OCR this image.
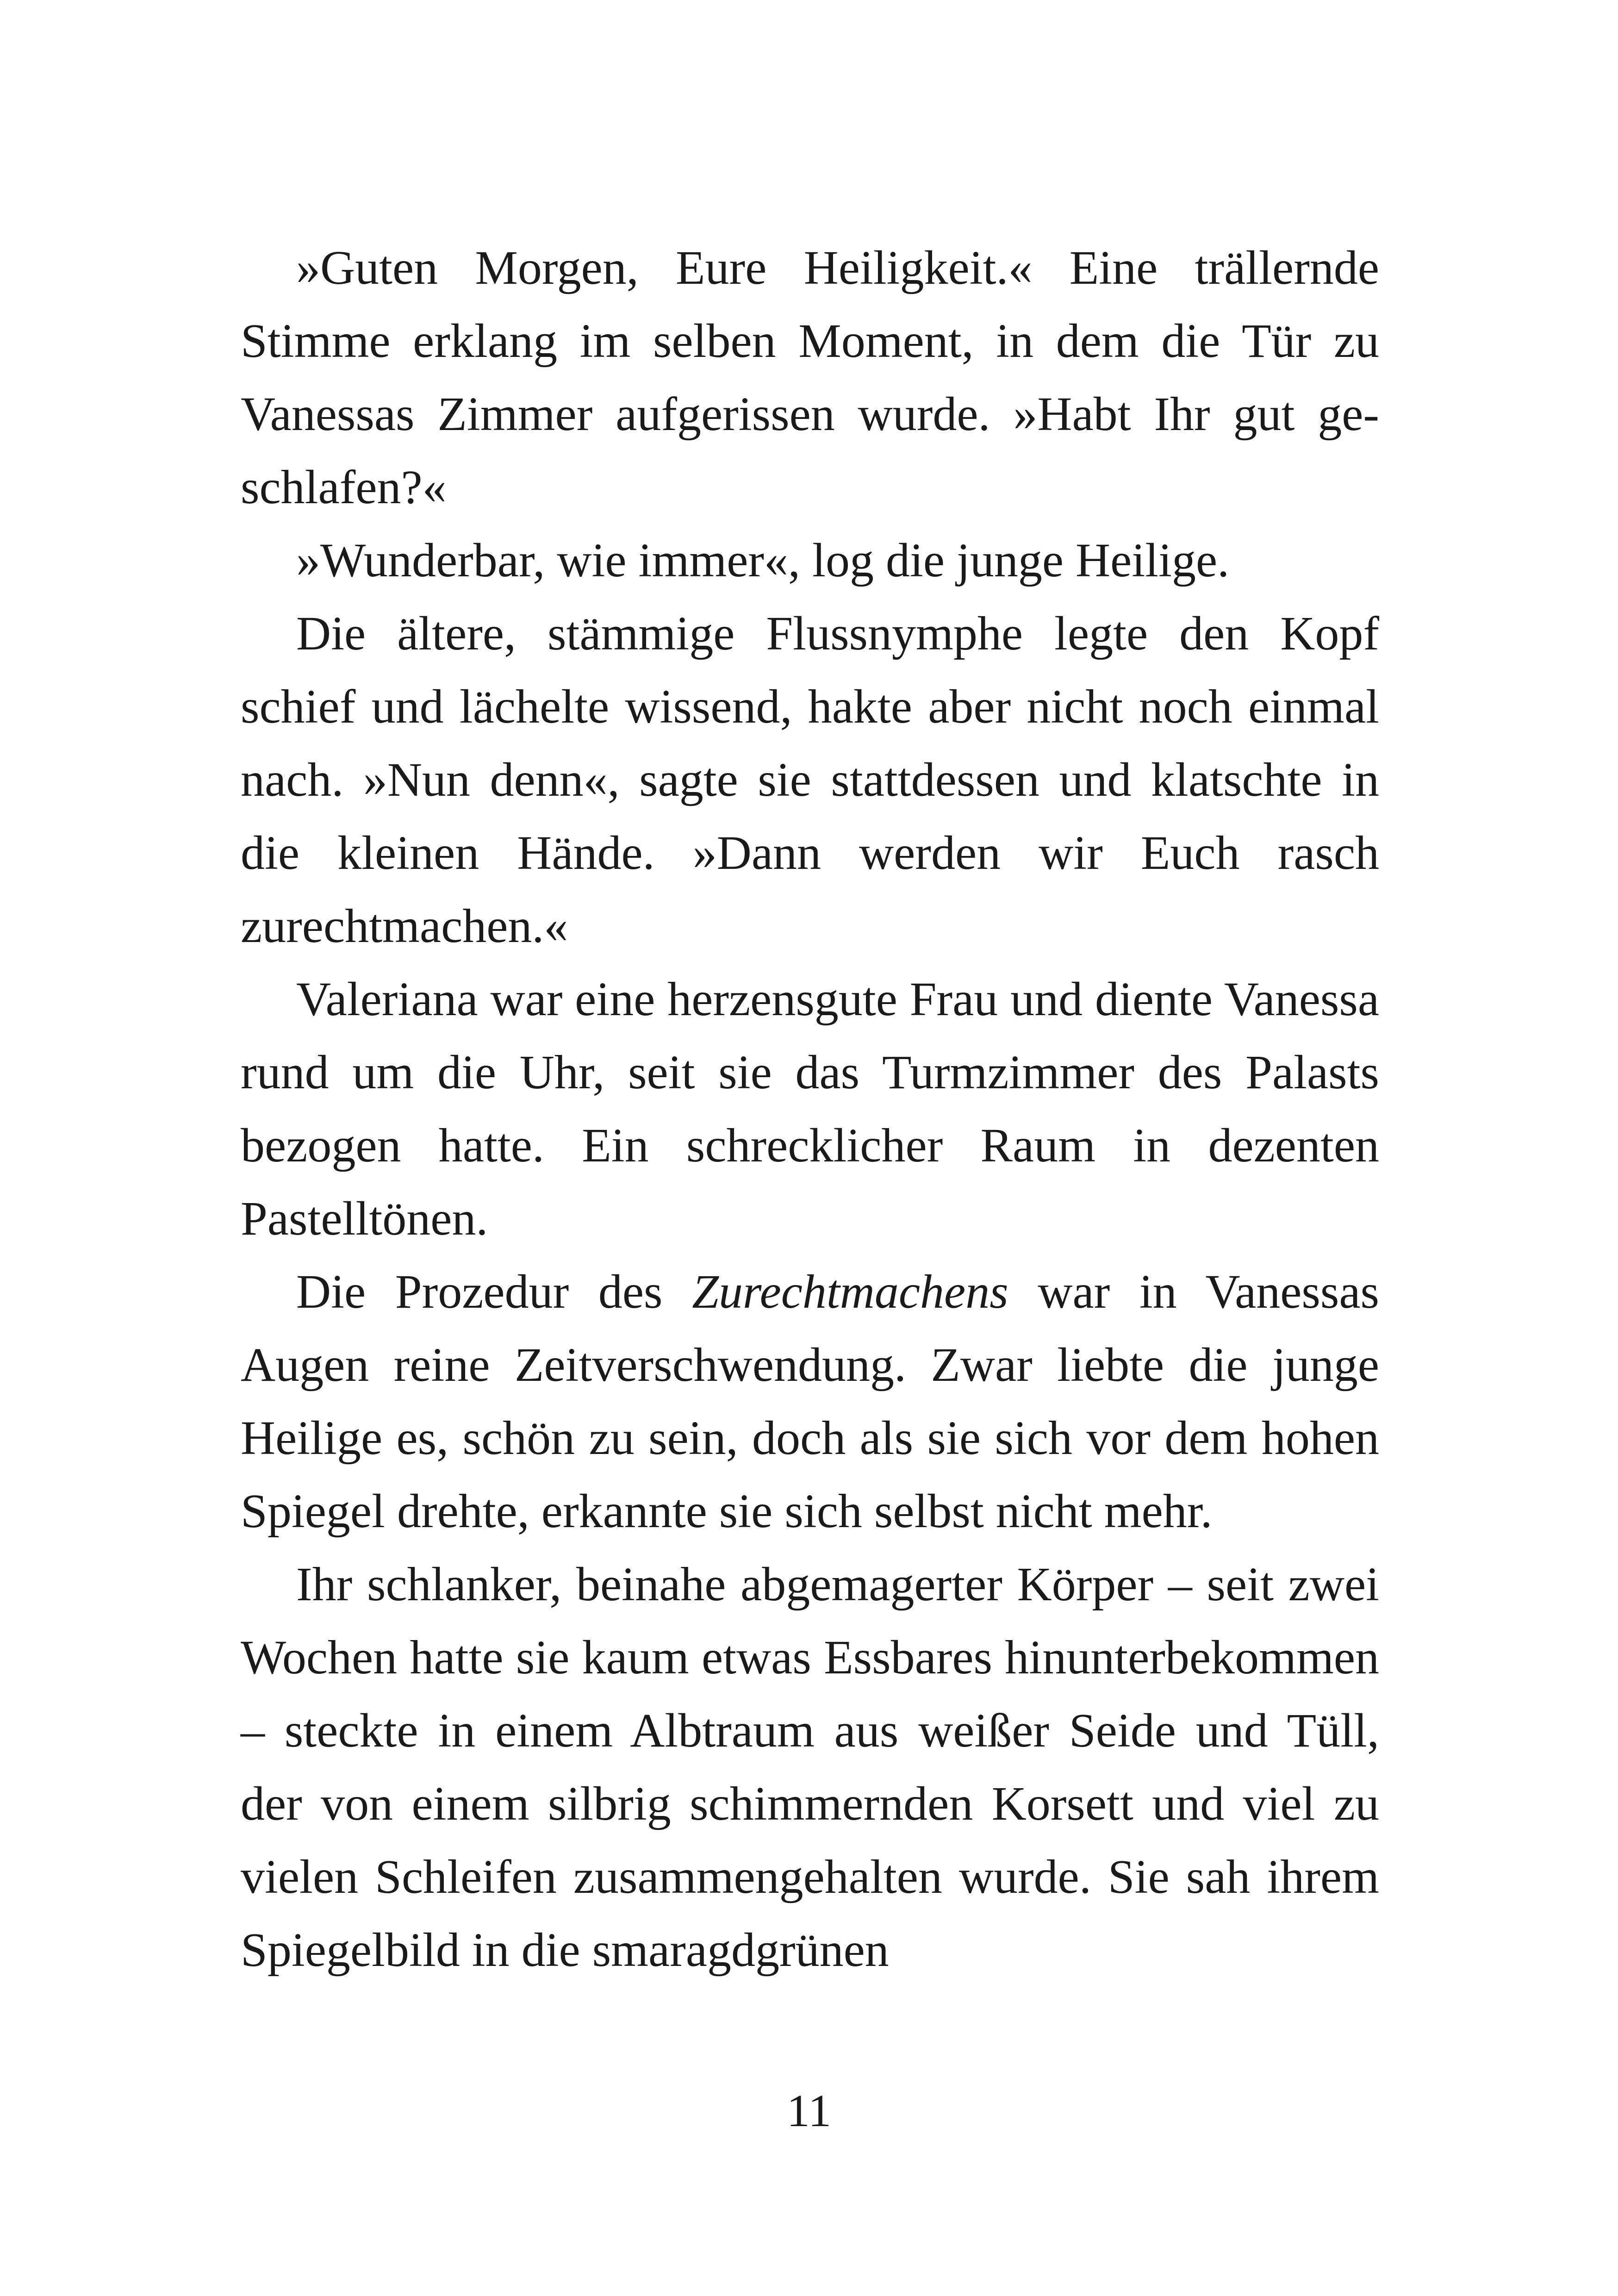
»Guten Morgen, Eure Heiligkeit.« Eine trällernde Stimme erklang im selben Moment, in dem die Tür zu Vanessas Zimmer aufgerissen wurde. »Habt Ihr gut geschlafen?«

»Wunderbar, wie immer«, log die junge Heilige.

Die ältere, stämmige Flussnymphe legte den Kopf schief und lächelte wissend, hakte aber nicht noch einmal nach. »Nun denn«, sagte sie stattdessen und klatschte in die kleinen Hände. »Dann werden wir Euch rasch zurechtmachen.«

Valeriana war eine herzensgute Frau und diente Vanessa rund um die Uhr, seit sie das Turmzimmer des Palasts bezogen hatte. Ein schrecklicher Raum in dezenten Pastelltönen.

Die Prozedur des Zurechtmachens war in Vanessas Augen reine Zeitverschwendung. Zwar liebte die junge Heilige es, schön zu sein, doch als sie sich vor dem hohen Spiegel drehte, erkannte sie sich selbst nicht mehr.

Ihr schlanker, beinahe abgemagerter Körper – seit zwei Wochen hatte sie kaum etwas Essbares hinunterbekommen – steckte in einem Albtraum aus weißer Seide und Tüll, der von einem silbrig schimmernden Korsett und viel zu vielen Schleifen zusammengehalten wurde. Sie sah ihrem Spiegelbild in die smaragdgrünen

11
